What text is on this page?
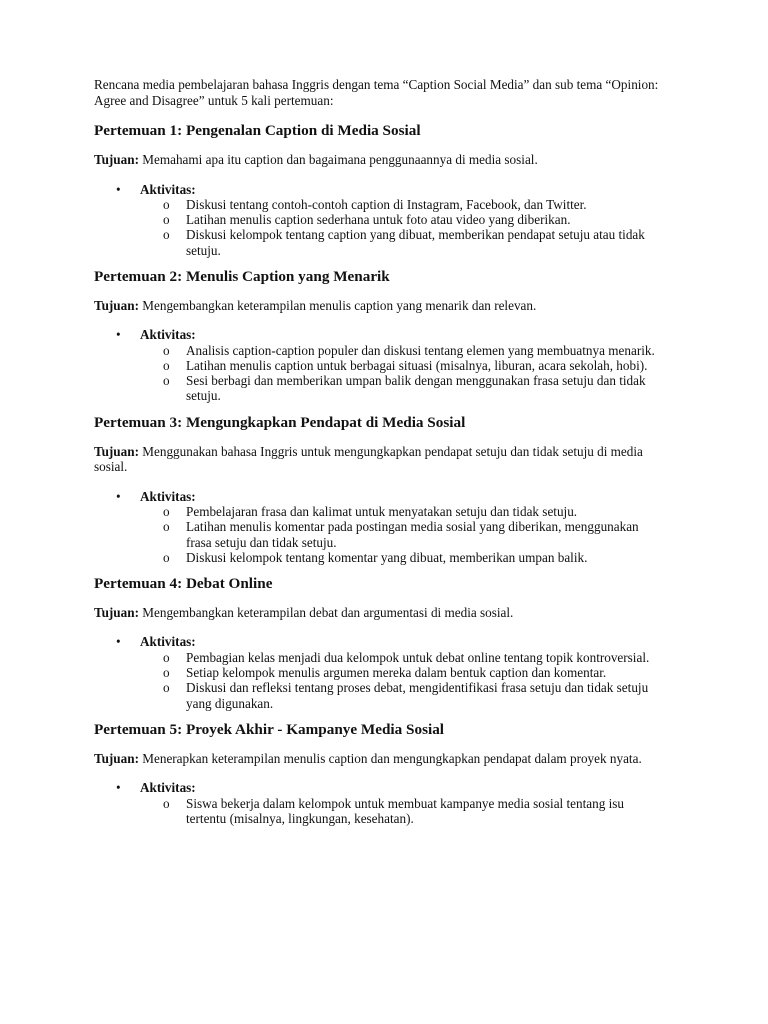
Rencana media pembelajaran bahasa Inggris dengan tema “Caption Social Media” dan sub tema “Opinion: Agree and Disagree” untuk 5 kali pertemuan:

Pertemuan 1: Pengenalan Caption di Media Sosial

Tujuan: Memahami apa itu caption dan bagaimana penggunaannya di media sosial.

• Aktivitas:
o Diskusi tentang contoh-contoh caption di Instagram, Facebook, dan Twitter.
o Latihan menulis caption sederhana untuk foto atau video yang diberikan.
o Diskusi kelompok tentang caption yang dibuat, memberikan pendapat setuju atau tidak setuju.
Pertemuan 2: Menulis Caption yang Menarik

Tujuan: Mengembangkan keterampilan menulis caption yang menarik dan relevan.

• Aktivitas:
o Analisis caption-caption populer dan diskusi tentang elemen yang membuatnya menarik.
o Latihan menulis caption untuk berbagai situasi (misalnya, liburan, acara sekolah, hobi).
o Sesi berbagi dan memberikan umpan balik dengan menggunakan frasa setuju dan tidak setuju.
Pertemuan 3: Mengungkapkan Pendapat di Media Sosial

Tujuan: Menggunakan bahasa Inggris untuk mengungkapkan pendapat setuju dan tidak setuju di media sosial.

• Aktivitas:
o Pembelajaran frasa dan kalimat untuk menyatakan setuju dan tidak setuju.
o Latihan menulis komentar pada postingan media sosial yang diberikan, menggunakan frasa setuju dan tidak setuju.
o Diskusi kelompok tentang komentar yang dibuat, memberikan umpan balik.
Pertemuan 4: Debat Online

Tujuan: Mengembangkan keterampilan debat dan argumentasi di media sosial.

• Aktivitas:
o Pembagian kelas menjadi dua kelompok untuk debat online tentang topik kontroversial.
o Setiap kelompok menulis argumen mereka dalam bentuk caption dan komentar.
o Diskusi dan refleksi tentang proses debat, mengidentifikasi frasa setuju dan tidak setuju yang digunakan.
Pertemuan 5: Proyek Akhir - Kampanye Media Sosial

Tujuan: Menerapkan keterampilan menulis caption dan mengungkapkan pendapat dalam proyek nyata.

• Aktivitas:
o Siswa bekerja dalam kelompok untuk membuat kampanye media sosial tentang isu tertentu (misalnya, lingkungan, kesehatan).
